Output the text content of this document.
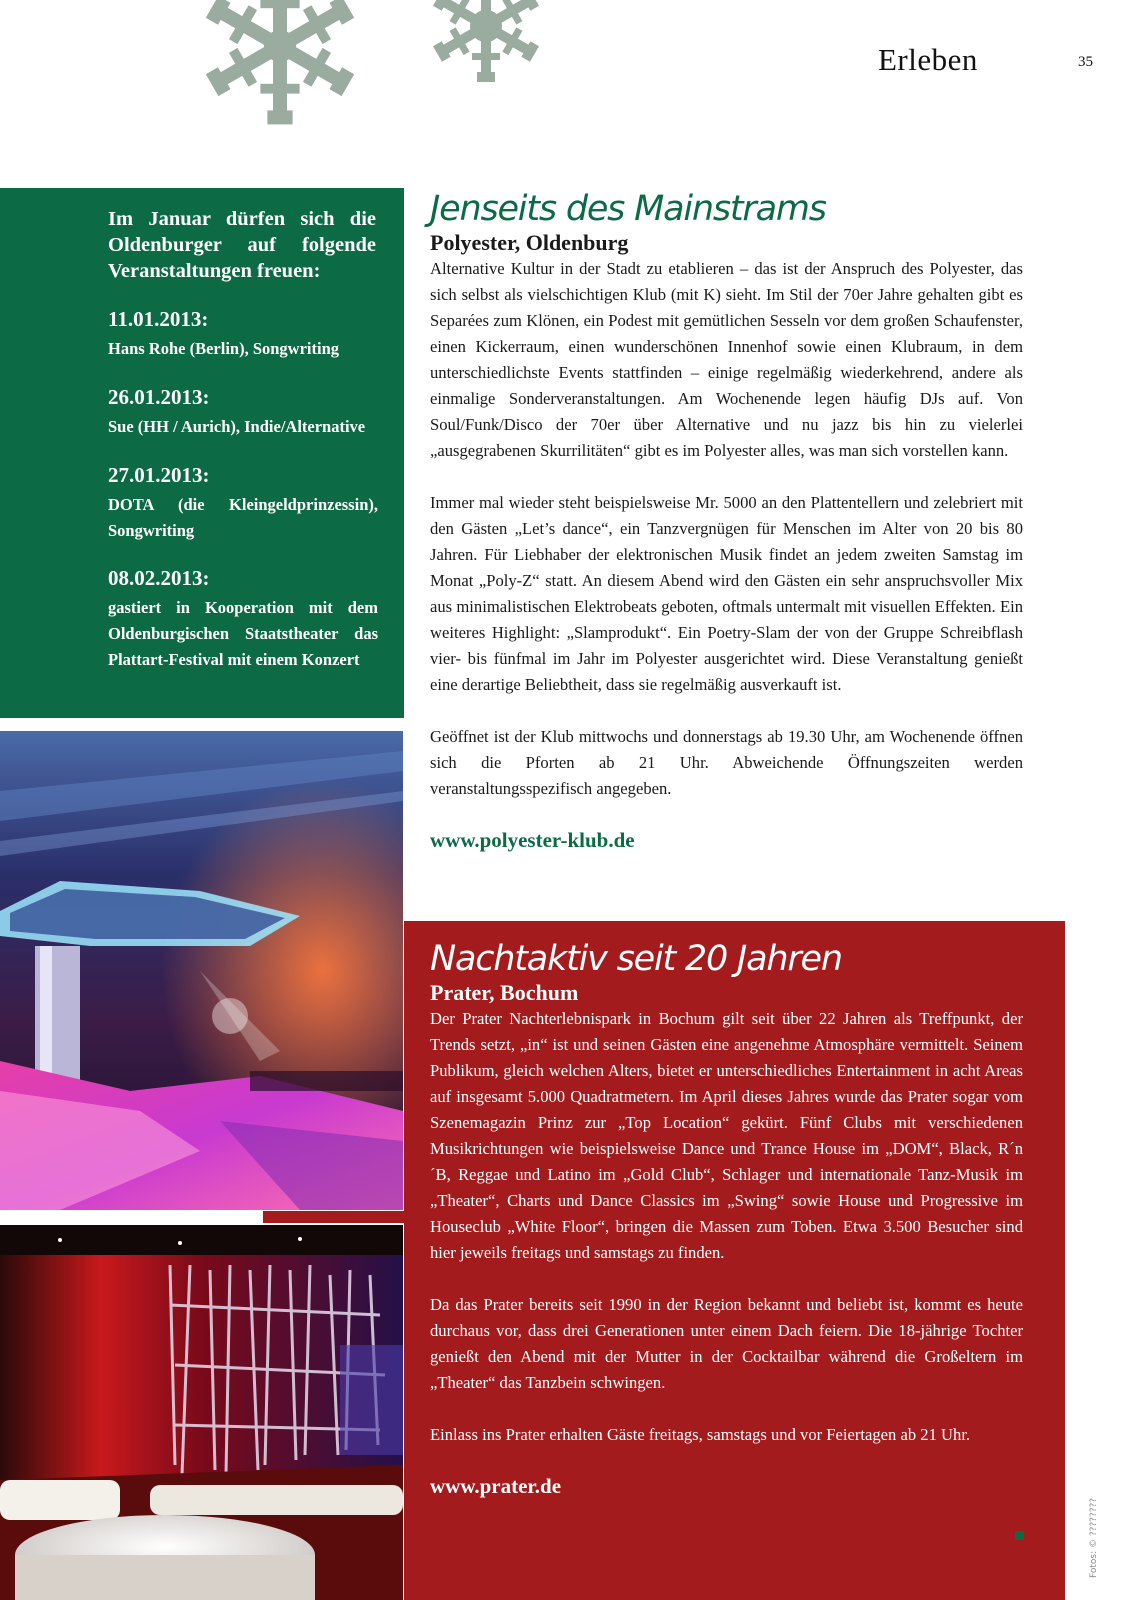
Erleben	35
Im Januar dürfen sich die Oldenburger auf folgende Veranstaltungen freuen:
11.01.2013:
Hans Rohe (Berlin), Songwriting
26.01.2013:
Sue (HH / Aurich), Indie/Alternative
27.01.2013:
DOTA (die Kleingeldprinzessin), Songwriting
08.02.2013:
gastiert in Kooperation mit dem Oldenburgischen Staatstheater das Plattart-Festival mit einem Konzert
Jenseits des Mainstrams
Polyester, Oldenburg

Alternative Kultur in der Stadt zu etablieren – das ist der Anspruch des Polyester, das sich selbst als vielschichtigen Klub (mit K) sieht. Im Stil der 70er Jahre gehalten gibt es Separées zum Klönen, ein Podest mit gemütlichen Sesseln vor dem großen Schaufenster, einen Kickerraum, einen wunderschönen Innenhof sowie einen Klubraum, in dem unterschiedlichste Events stattfinden – einige regelmäßig wiederkehrend, andere als einmalige Sonderveranstaltungen. Am Wochenende legen häufig DJs auf. Von Soul/Funk/Disco der 70er über Alternative und nu jazz bis hin zu vielerlei „ausgegrabenen Skurrilitäten“ gibt es im Polyester alles, was man sich vorstellen kann.

Immer mal wieder steht beispielsweise Mr. 5000 an den Plattentellern und zelebriert mit den Gästen „Let’s dance“, ein Tanzvergnügen für Menschen im Alter von 20 bis 80 Jahren. Für Liebhaber der elektronischen Musik findet an jedem zweiten Samstag im Monat „Poly-Z“ statt. An diesem Abend wird den Gästen ein sehr anspruchsvoller Mix aus minimalistischen Elektrobeats geboten, oftmals untermalt mit visuellen Effekten. Ein weiteres Highlight: „Slamprodukt“. Ein Poetry-Slam der von der Gruppe Schreibflash vier- bis fünfmal im Jahr im Polyester ausgerichtet wird. Diese Veranstaltung genießt eine derartige Beliebtheit, dass sie regelmäßig ausverkauft ist.

Geöffnet ist der Klub mittwochs und donnerstags ab 19.30 Uhr, am Wochenende öffnen sich die Pforten ab 21 Uhr. Abweichende Öffnungszeiten werden veranstaltungsspezifisch angegeben.

www.polyester-klub.de
Nachtaktiv seit 20 Jahren
Prater, Bochum

Der Prater Nachterlebnispark in Bochum gilt seit über 22 Jahren als Treffpunkt, der Trends setzt, „in“ ist und seinen Gästen eine angenehme Atmosphäre vermittelt. Seinem Publikum, gleich welchen Alters, bietet er unterschiedliches Entertainment in acht Areas auf insgesamt 5.000 Quadratmetern. Im April dieses Jahres wurde das Prater sogar vom Szenemagazin Prinz zur „Top Location“ gekürt. Fünf Clubs mit verschiedenen Musikrichtungen wie beispielsweise Dance und Trance House im „DOM“, Black, R´n´B, Reggae und Latino im „Gold Club“, Schlager und internationale Tanz-Musik im „Theater“, Charts und Dance Classics im „Swing“ sowie House und Progressive im Houseclub „White Floor“, bringen die Massen zum Toben. Etwa 3.500 Besucher sind hier jeweils freitags und samstags zu finden.

Da das Prater bereits seit 1990 in der Region bekannt und beliebt ist, kommt es heute durchaus vor, dass drei Generationen unter einem Dach feiern. Die 18-jährige Tochter genießt den Abend mit der Mutter in der Cocktailbar während die Großeltern im „Theater“ das Tanzbein schwingen.

Einlass ins Prater erhalten Gäste freitags, samstags und vor Feiertagen ab 21 Uhr.

www.prater.de
Fotos: © ????????
